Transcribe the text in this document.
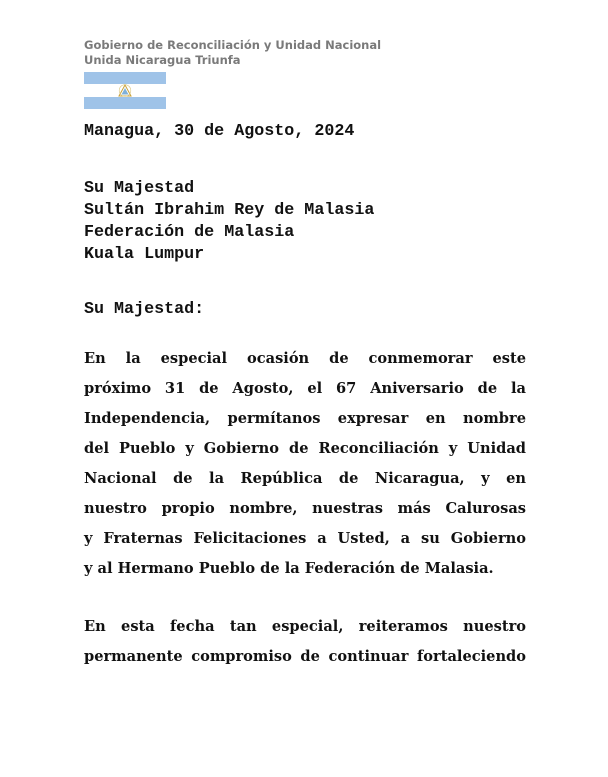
Gobierno de Reconciliación y Unidad Nacional
Unida Nicaragua Triunfa
Managua, 30 de Agosto, 2024
Su Majestad
Sultán Ibrahim Rey de Malasia
Federación de Malasia
Kuala Lumpur
Su Majestad:
En la especial ocasión de conmemorar este
próximo 31 de Agosto, el 67 Aniversario de la
Independencia, permítanos expresar en nombre
del Pueblo y Gobierno de Reconciliación y Unidad
Nacional de la República de Nicaragua, y en
nuestro propio nombre, nuestras más Calurosas
y Fraternas Felicitaciones a Usted, a su Gobierno
y al Hermano Pueblo de la Federación de Malasia.
En esta fecha tan especial, reiteramos nuestro
permanente compromiso de continuar fortaleciendo
